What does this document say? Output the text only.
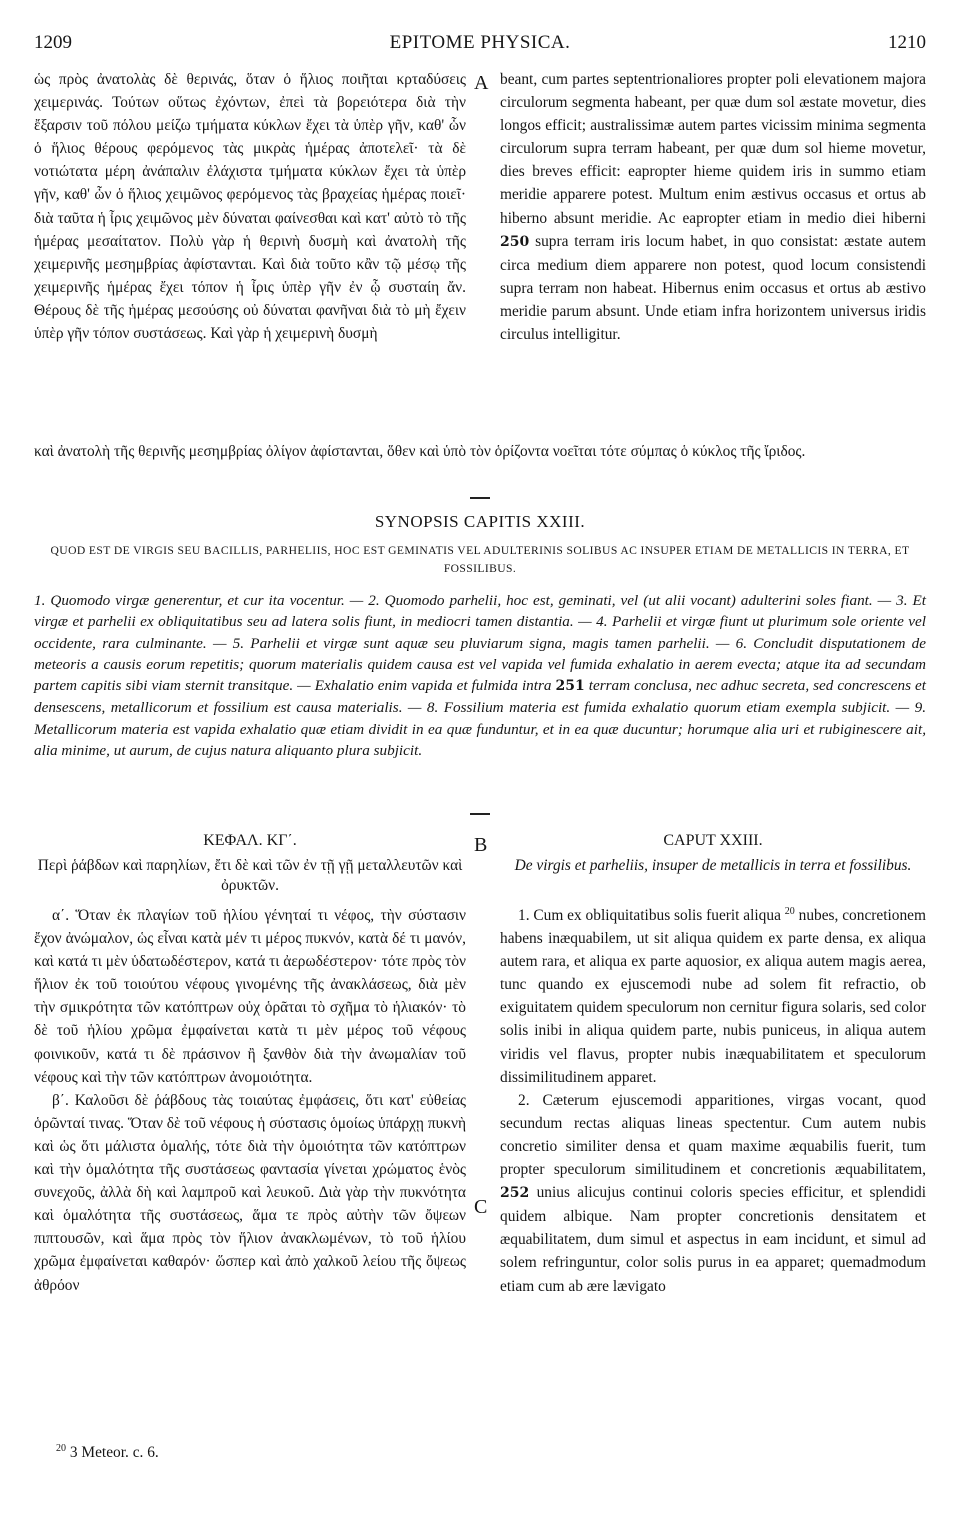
1209	EPITOME PHYSICA.	1210

ὡς πρὸς ἀνατολὰς δὲ θερινάς, ὅταν ὁ ἥλιος ποιῆται κρταδύσεις χειμερινάς. Τούτων οὕτως ἐχόντων, ἐπεὶ τὰ βορειότερα διὰ τὴν ἔξαρσιν τοῦ πόλου μείζω τμήματα κύκλων ἔχει τὰ ὑπὲρ γῆν, καθ' ὧν ὁ ἥλιος θέρους φερόμενος τὰς μικρὰς ἡμέρας ἀποτελεῖ· τὰ δὲ νοτιώτατα μέρη ἀνάπαλιν ἐλάχιστα τμήματα κύκλων ἔχει τὰ ὑπὲρ γῆν, καθ' ὧν ὁ ἥλιος χειμῶνος φερόμενος τὰς βραχείας ἡμέρας ποιεῖ· διὰ ταῦτα ἡ ἶρις χειμῶνος μὲν δύναται φαίνεσθαι καὶ κατ' αὐτὸ τὸ τῆς ἡμέρας μεσαίτατον. Πολὺ γὰρ ἡ θερινὴ δυσμὴ καὶ ἀνατολὴ τῆς χειμερινῆς μεσημβρίας ἀφίστανται. Καὶ διὰ τοῦτο κἂν τῷ μέσῳ τῆς χειμερινῆς ἡμέρας ἔχει τόπον ἡ ἶρις ὑπὲρ γῆν ἐν ᾧ συσταίη ἄν. Θέρους δὲ τῆς ἡμέρας μεσούσης οὐ δύναται φανῆναι διὰ τὸ μὴ ἔχειν ὑπὲρ γῆν τόπον συστάσεως. Καὶ γὰρ ἡ χειμερινὴ δυσμὴ

A beant, cum partes septentrionaliores propter poli elevationem majora circulorum segmenta habeant, per quæ dum sol æstate movetur, dies longos efficit; australissimæ autem partes vicissim minima segmenta circulorum supra terram habeant, per quæ dum sol hieme movetur, dies breves efficit: eapropter hieme quidem iris in summo etiam meridie apparere potest. Multum enim æstivus occasus et ortus ab hiberno absunt meridie. Ac eapropter etiam in medio diei hiberni 250 supra terram iris locum habet, in quo consistat: æstate autem circa medium diem apparere non potest, quod locum consistendi supra terram non habeat. Hibernus enim occasus et ortus ab æstivo meridie parum absunt. Unde etiam infra horizontem universus iridis circulus intelligitur.

καὶ ἀνατολὴ τῆς θερινῆς μεσημβρίας ὀλίγον ἀφίστανται, ὅθεν καὶ ὑπὸ τὸν ὁρίζοντα νοεῖται τότε σύμπας ὁ κύκλος τῆς ἴριδος.

SYNOPSIS CAPITIS XXIII.
QUOD EST DE VIRGIS SEU BACILLIS, PARHELIIS, HOC EST GEMINATIS VEL ADULTERINIS SOLIBUS AC INSUPER ETIAM DE METALLICIS IN TERRA, ET FOSSILIBUS.

1. Quomodo virgæ generentur, et cur ita vocentur. — 2. Quomodo parhelii, hoc est, geminati, vel (ut alii vocant) adulterini soles fiant. — 3. Et virgæ et parhelii ex obliquitatibus seu ad latera solis fiunt, in mediocri tamen distantia. — 4. Parhelii et virgæ fiunt ut plurimum sole oriente vel occidente, rara culminante. — 5. Parhelii et virgæ sunt aquæ seu pluviarum signa, magis tamen parhelii. — 6. Concludit disputationem de meteoris a causis eorum repetitis; quorum materialis quidem causa est vel vapida vel fumida exhalatio in aerem evecta; atque ita ad secundam partem capitis sibi viam sternit transitque. — Exhalatio enim vapida et fulmida intra 251 terram conclusa, nec adhuc secreta, sed concrescens et densescens, metallicorum et fossilium est causa materialis. — 8. Fossilium materia est fumida exhalatio quorum etiam exempla subjicit. — 9. Metallicorum materia est vapida exhalatio quæ etiam dividit in ea quæ funduntur, et in ea quæ ducuntur; horumque alia uri et rubiginescere ait, alia minime, ut aurum, de cujus natura aliquanto plura subjicit.

ΚΕΦΑΛ. ΚΓ΄.

Περὶ ῥάβδων καὶ παρηλίων, ἔτι δὲ καὶ τῶν ἐν τῇ γῇ μεταλλευτῶν καὶ ὀρυκτῶν.

B	CAPUT XXIII.

De virgis et parheliis, insuper de metallicis in terra et fossilibus.

α΄. Ὅταν ἐκ πλαγίων τοῦ ἡλίου γένηταί τι νέφος, τὴν σύστασιν ἔχον ἀνώμαλον, ὡς εἶναι κατὰ μέν τι μέρος πυκνόν, κατὰ δέ τι μανόν, καὶ κατά τι μὲν ὑδατωδέστερον, κατά τι ἀερωδέστερον· τότε πρὸς τὸν ἥλιον ἐκ τοῦ τοιούτου νέφους γινομένης τῆς ἀνακλάσεως, διὰ μὲν τὴν σμικρότητα τῶν κατόπτρων οὐχ ὁρᾶται τὸ σχῆμα τὸ ἡλιακόν· τὸ δὲ τοῦ ἡλίου χρῶμα ἐμφαίνεται κατὰ τι μὲν μέρος τοῦ νέφους φοινικοῦν, κατά τι δὲ πράσινον ἢ ξανθὸν διὰ τὴν ἀνωμαλίαν τοῦ νέφους καὶ τὴν τῶν κατόπτρων ἀνομοιότητα.

β΄. Καλοῦσι δὲ ῥάβδους τὰς τοιαύτας ἐμφάσεις, ὅτι κατ' εὐθείας ὁρῶνταί τινας. Ὅταν δὲ τοῦ νέφους ἡ σύστασις ὁμοίως ὑπάρχῃ πυκνὴ καὶ ὡς ὅτι μάλιστα ὁμαλής, τότε διὰ τὴν ὁμοιότητα τῶν κατόπτρων καὶ τὴν ὁμαλότητα τῆς συστάσεως φαντασία γίνεται χρώματος ἑνὸς συνεχοῦς, ἀλλὰ δὴ καὶ λαμπροῦ καὶ λευκοῦ. Διὰ γὰρ τὴν πυκνότητα καὶ ὁμαλότητα τῆς συστάσεως, ἅμα τε πρὸς αὐτὴν τῶν ὄψεων πιπτουσῶν, καὶ ἅμα πρὸς τὸν ἥλιον ἀνακλωμένων, τὸ τοῦ ἡλίου χρῶμα ἐμφαίνεται καθαρόν· ὥσπερ καὶ ἀπὸ χαλκοῦ λείου τῆς ὄψεως ἀθρόον

C

1. Cum ex obliquitatibus solis fuerit aliqua $^{20}$ nubes, concretionem habens inæquabilem, ut sit aliqua quidem ex parte densa, ex aliqua autem rara, et aliqua ex parte aquosior, ex aliqua autem magis aerea, tunc quando ex ejuscemodi nube ad solem fit refractio, ob exiguitatem quidem speculorum non cernitur figura solaris, sed color solis inibi in aliqua quidem parte, nubis puniceus, in aliqua autem viridis vel flavus, propter nubis inæquabilitatem et speculorum dissimilitudinem apparet.

2. Cæterum ejuscemodi apparitiones, virgas vocant, quod secundum rectas aliquas lineas spectentur. Cum autem nubis concretio similiter densa et quam maxime æquabilis fuerit, tum propter speculorum similitudinem et concretionis æquabilitatem, 252 unius alicujus continui coloris species efficitur, et splendidi quidem albique. Nam propter concretionis densitatem et æquabilitatem, dum simul et aspectus in eam incidunt, et simul ad solem refringuntur, color solis purus in ea apparet; quemadmodum etiam cum ab ære lævigato

$^{20}$ 3 Meteor. c. 6.
